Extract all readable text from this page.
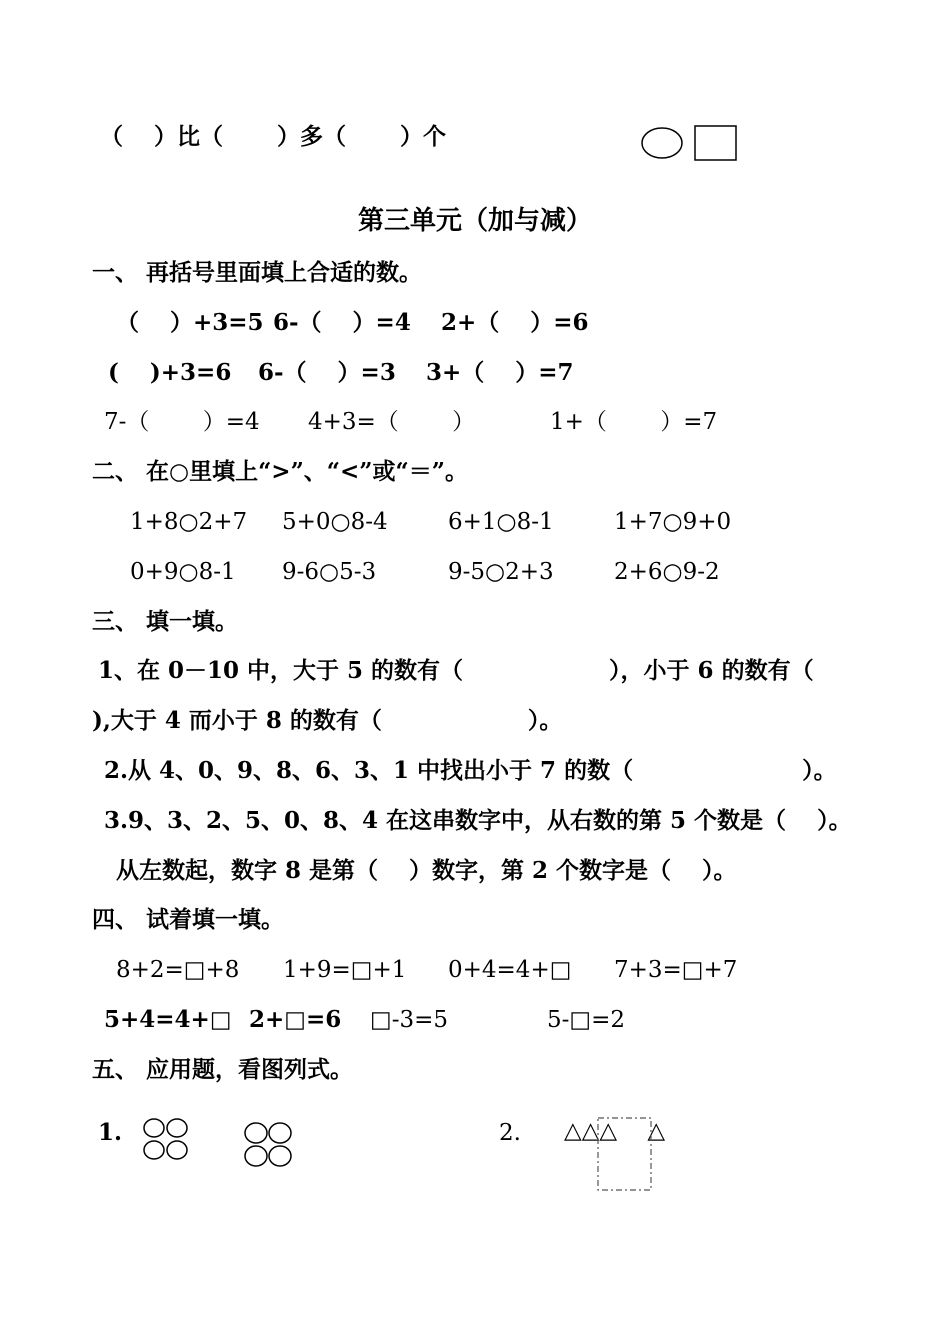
（　 ）比（　　 ）多（　　 ）个
第三单元（加与减）
一、 再括号里面填上合适的数。
（　 ）+3=5 6-（　 ）=4 2+（　 ）=6
(　 )+3=6 6-（　 ）=3 3+（　 ）=7
7-（　　 ）=4 4+3=（　　 ）	1+（　　 ）=7
二、 在○里填上“>”、“<”或“＝”。
1+8○2+7 5+0○8-4	6+1○8-1	1+7○9+0
0+9○8-1 9-6○5-3	9-5○2+3	2+6○9-2
三、 填一填。
1、在 0－10 中，大于 5 的数有（　　　　　　 ），小于 6 的数有（
),大于 4 而小于 8 的数有（　　　　　　 ）。
2.从 4、0、9、8、6、3、1 中找出小于 7 的数（　　　　　　　 ）。
3.9、3、2、5、0、8、4 在这串数字中，从右数的第 5 个数是（　 ）。
从左数起，数字 8 是第（　 ）数字，第 2 个数字是（　 ）。
四、 试着填一填。
8+2=□+8 1+9=□+1 0+4=4+□ 7+3=□+7
5+4=4+□ 2+□=6 □-3=5	5-□=2
五、 应用题，看图列式。
1.	2. △△△　 △
